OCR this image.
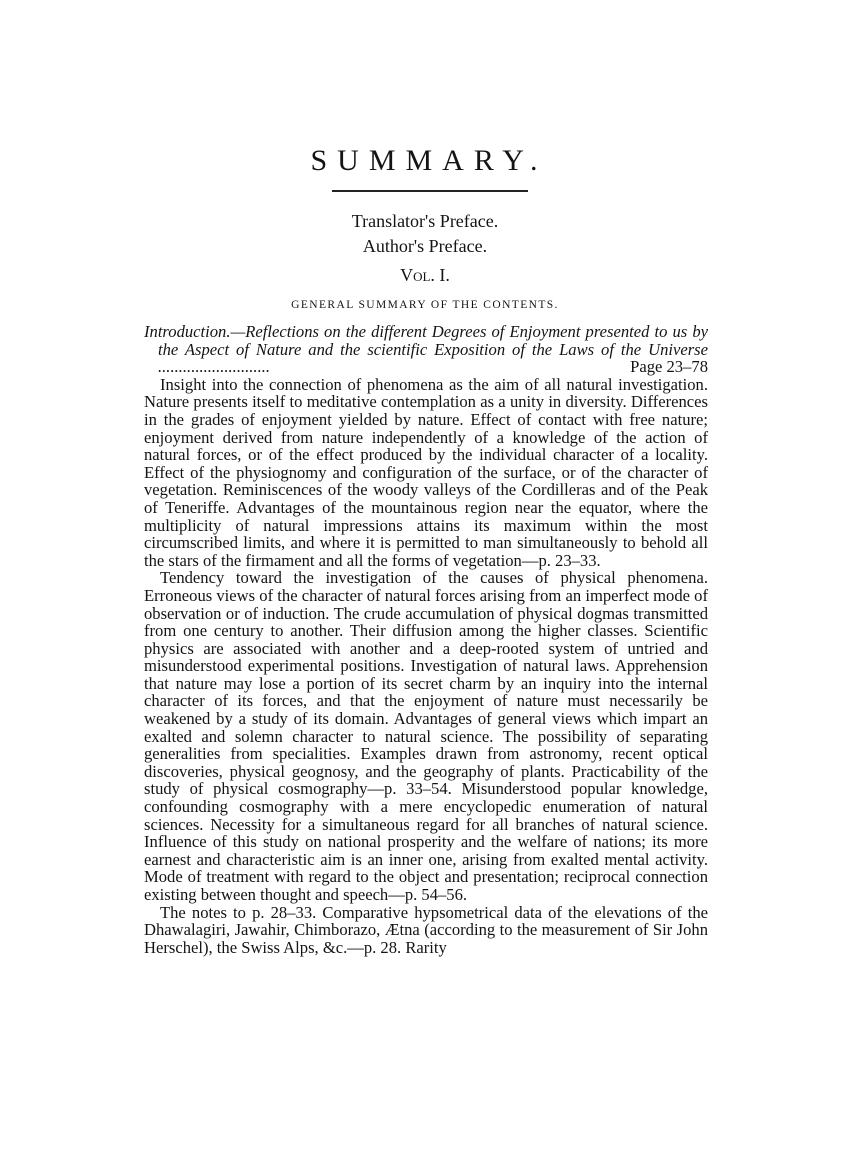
SUMMARY.
Translator's Preface.
Author's Preface.
Vol. I.
GENERAL SUMMARY OF THE CONTENTS.

Introduction.—Reflections on the different Degrees of Enjoyment presented to us by the Aspect of Nature and the scientific Exposition of the Laws of the Universe ...........................	Page 23–78

Insight into the connection of phenomena as the aim of all natural investigation. Nature presents itself to meditative contemplation as a unity in diversity. Differences in the grades of enjoyment yielded by nature. Effect of contact with free nature; enjoyment derived from nature independently of a knowledge of the action of natural forces, or of the effect produced by the individual character of a locality. Effect of the physiognomy and configuration of the surface, or of the character of vegetation. Reminiscences of the woody valleys of the Cordilleras and of the Peak of Teneriffe. Advantages of the mountainous region near the equator, where the multiplicity of natural impressions attains its maximum within the most circumscribed limits, and where it is permitted to man simultaneously to behold all the stars of the firmament and all the forms of vegetation—p. 23–33.

Tendency toward the investigation of the causes of physical phenomena. Erroneous views of the character of natural forces arising from an imperfect mode of observation or of induction. The crude accumulation of physical dogmas transmitted from one century to another. Their diffusion among the higher classes. Scientific physics are associated with another and a deep-rooted system of untried and misunderstood experimental positions. Investigation of natural laws. Apprehension that nature may lose a portion of its secret charm by an inquiry into the internal character of its forces, and that the enjoyment of nature must necessarily be weakened by a study of its domain. Advantages of general views which impart an exalted and solemn character to natural science. The possibility of separating generalities from specialities. Examples drawn from astronomy, recent optical discoveries, physical geognosy, and the geography of plants. Practicability of the study of physical cosmography—p. 33–54. Misunderstood popular knowledge, confounding cosmography with a mere encyclopedic enumeration of natural sciences. Necessity for a simultaneous regard for all branches of natural science. Influence of this study on national prosperity and the welfare of nations; its more earnest and characteristic aim is an inner one, arising from exalted mental activity. Mode of treatment with regard to the object and presentation; reciprocal connection existing between thought and speech—p. 54–56.

The notes to p. 28–33. Comparative hypsometrical data of the elevations of the Dhawalagiri, Jawahir, Chimborazo, Ætna (according to the measurement of Sir John Herschel), the Swiss Alps, &c.—p. 28. Rarity
